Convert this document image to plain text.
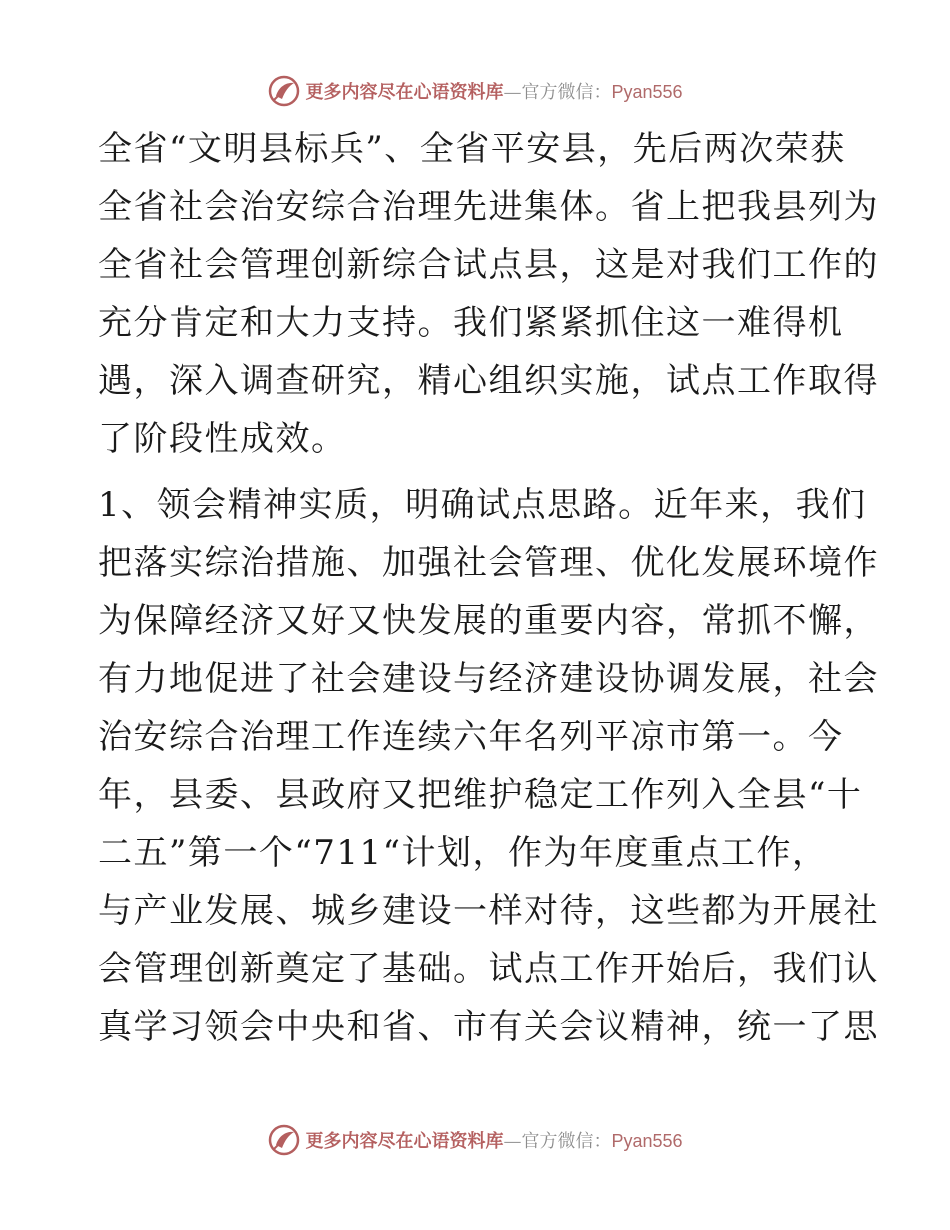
更多内容尽在心语资料库—官方微信：Pyan556
全省“文明县标兵”、全省平安县，先后两次荣获
全省社会治安综合治理先进集体。省上把我县列为
全省社会管理创新综合试点县，这是对我们工作的
充分肯定和大力支持。我们紧紧抓住这一难得机
遇，深入调查研究，精心组织实施，试点工作取得
了阶段性成效。
1、领会精神实质，明确试点思路。近年来，我们
把落实综治措施、加强社会管理、优化发展环境作
为保障经济又好又快发展的重要内容，常抓不懈，
有力地促进了社会建设与经济建设协调发展，社会
治安综合治理工作连续六年名列平凉市第一。今
年，县委、县政府又把维护稳定工作列入全县“十
二五”第一个“711“计划，作为年度重点工作，
与产业发展、城乡建设一样对待，这些都为开展社
会管理创新奠定了基础。试点工作开始后，我们认
真学习领会中央和省、市有关会议精神，统一了思
更多内容尽在心语资料库—官方微信：Pyan556
